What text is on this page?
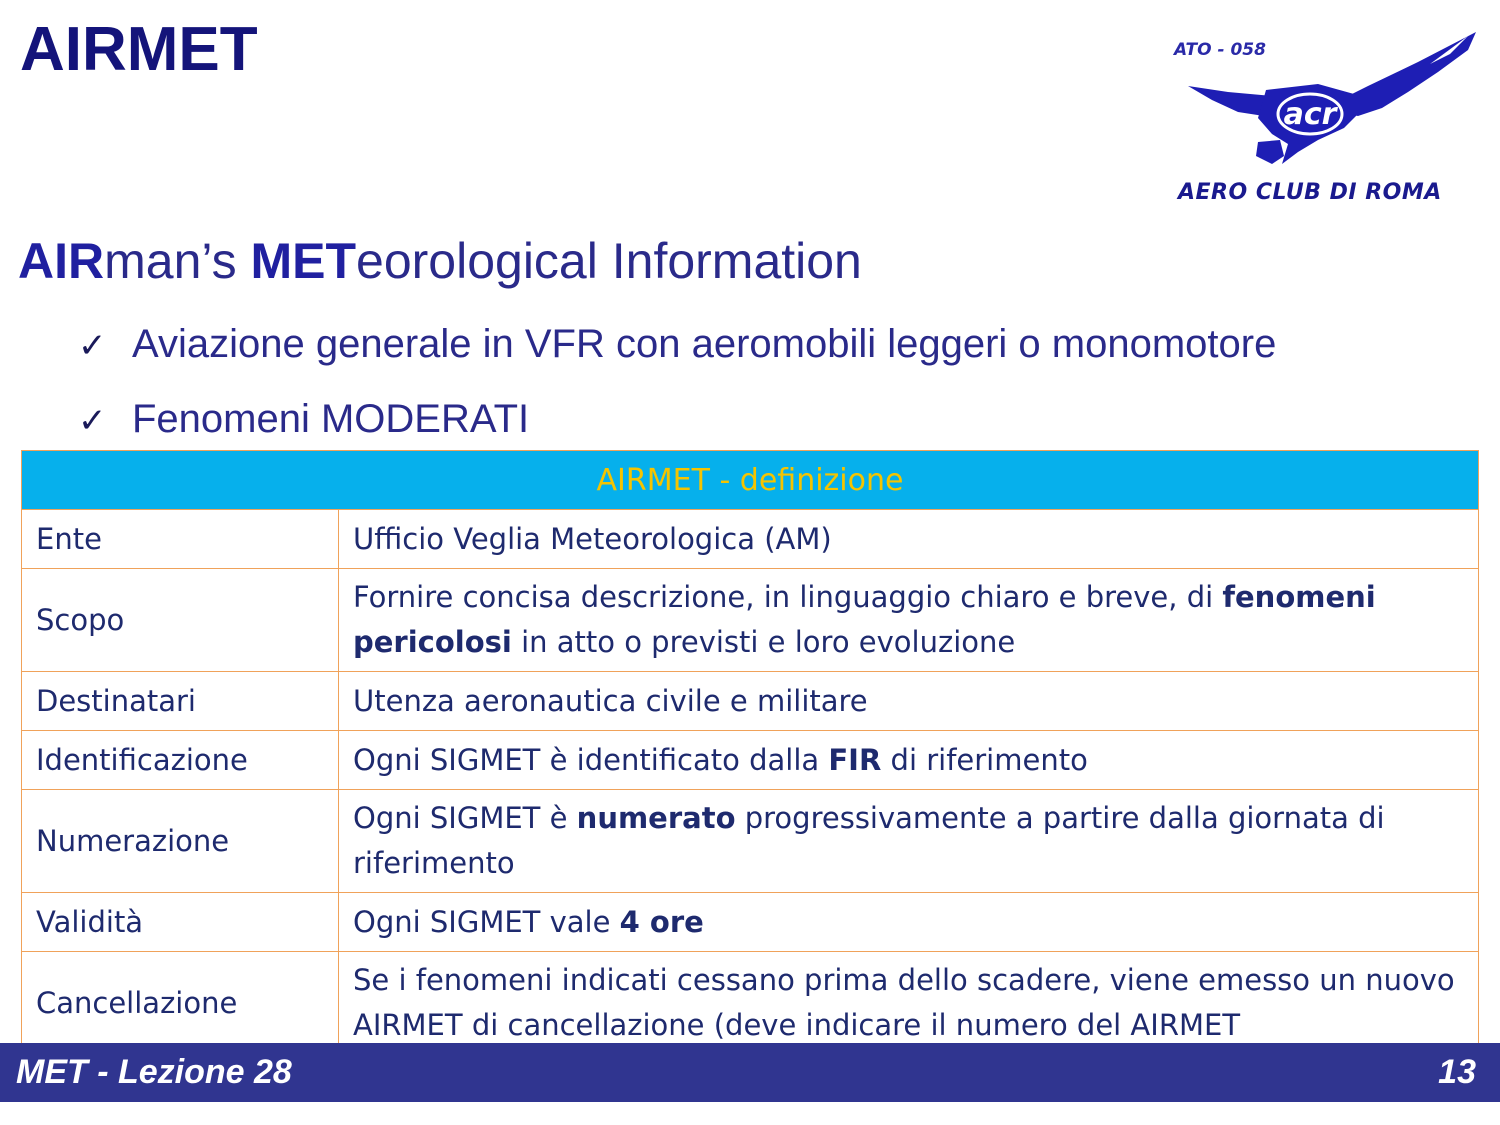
AIRMET
acr
ATO - 058
AERO CLUB DI ROMA
AIRman’s METeorological Information
✓ Aviazione generale in VFR con aeromobili leggeri o monomotore
✓ Fenomeni MODERATI
AIRMET - definizione	
Ente	Ufficio Veglia Meteorologica (AM)
Scopo	Fornire concisa descrizione, in linguaggio chiaro e breve, di fenomeni pericolosi in atto o previsti e loro evoluzione
Destinatari	Utenza aeronautica civile e militare
Identificazione	Ogni SIGMET è identificato dalla FIR di riferimento
Numerazione	Ogni SIGMET è numerato progressivamente a partire dalla giornata di riferimento
Validità	Ogni SIGMET vale 4 ore
Cancellazione	Se i fenomeni indicati cessano prima dello scadere, viene emesso un nuovo AIRMET di cancellazione (deve indicare il numero del AIRMET
MET - Lezione 28	13
